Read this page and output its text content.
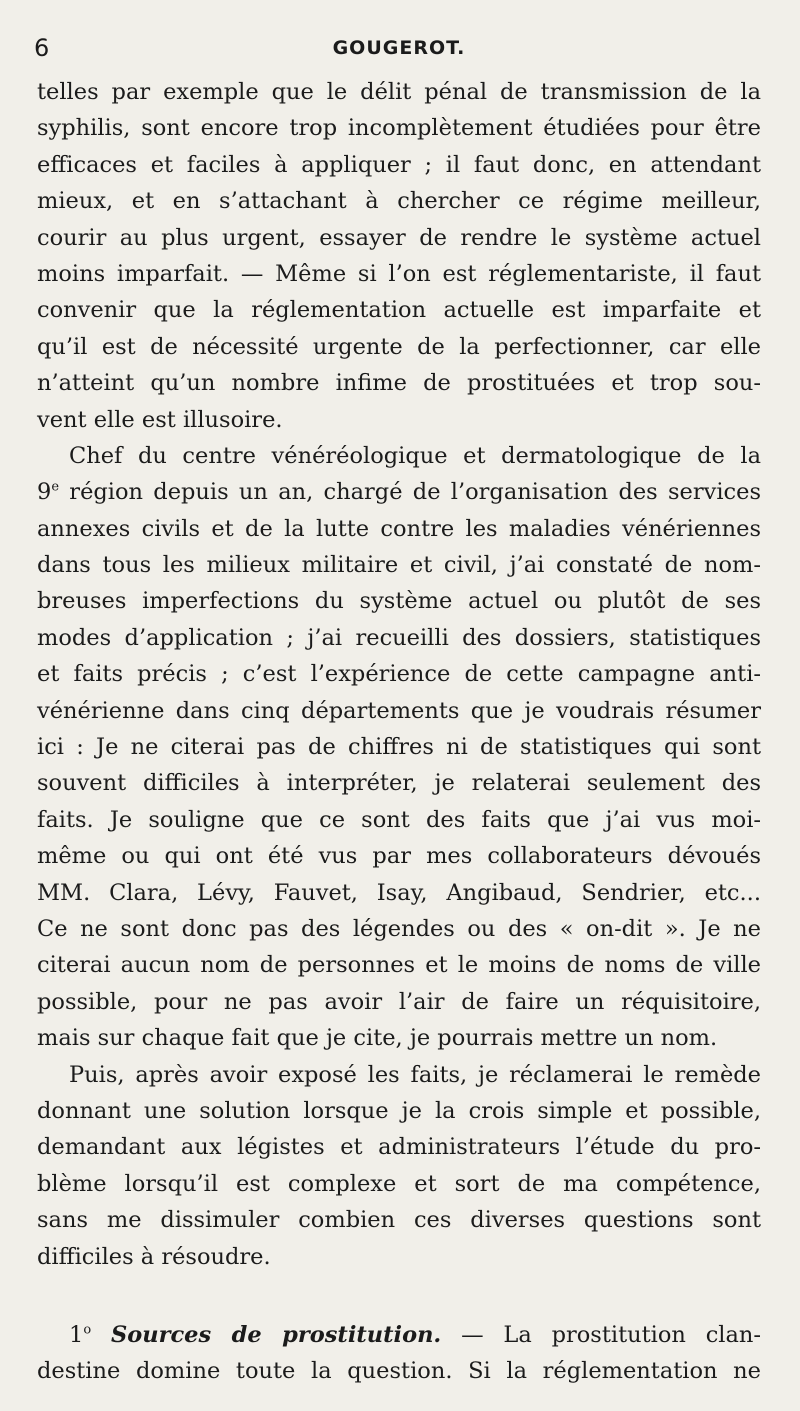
6	GOUGEROT.
telles par exemple que le délit pénal de transmission de la
syphilis, sont encore trop incomplètement étudiées pour être
efficaces et faciles à appliquer ; il faut donc, en attendant
mieux, et en s’attachant à chercher ce régime meilleur,
courir au plus urgent, essayer de rendre le système actuel
moins imparfait. — Même si l’on est réglementariste, il faut
convenir que la réglementation actuelle est imparfaite et
qu’il est de nécessité urgente de la perfectionner, car elle
n’atteint qu’un nombre infime de prostituées et trop sou-
vent elle est illusoire.
Chef du centre vénéréologique et dermatologique de la
9e région depuis un an, chargé de l’organisation des services
annexes civils et de la lutte contre les maladies vénériennes
dans tous les milieux militaire et civil, j’ai constaté de nom-
breuses imperfections du système actuel ou plutôt de ses
modes d’application ; j’ai recueilli des dossiers, statistiques
et faits précis ; c’est l’expérience de cette campagne anti-
vénérienne dans cinq départements que je voudrais résumer
ici : Je ne citerai pas de chiffres ni de statistiques qui sont
souvent difficiles à interpréter, je relaterai seulement des
faits. Je souligne que ce sont des faits que j’ai vus moi-
même ou qui ont été vus par mes collaborateurs dévoués
MM. Clara, Lévy, Fauvet, Isay, Angibaud, Sendrier, etc...
Ce ne sont donc pas des légendes ou des « on-dit ». Je ne
citerai aucun nom de personnes et le moins de noms de ville
possible, pour ne pas avoir l’air de faire un réquisitoire,
mais sur chaque fait que je cite, je pourrais mettre un nom.
Puis, après avoir exposé les faits, je réclamerai le remède
donnant une solution lorsque je la crois simple et possible,
demandant aux légistes et administrateurs l’étude du pro-
blème lorsqu’il est complexe et sort de ma compétence,
sans me dissimuler combien ces diverses questions sont
difficiles à résoudre.
1$^o$ Sources de prostitution. — La prostitution clan-
destine domine toute la question. Si la réglementation ne
